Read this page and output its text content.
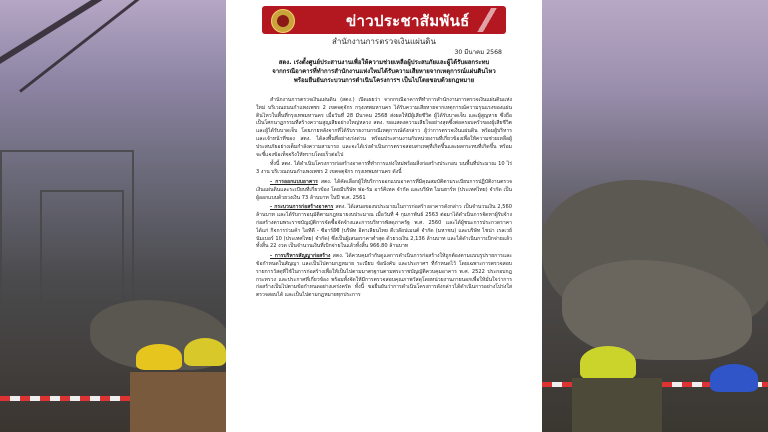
ข่าวประชาสัมพันธ์
สำนักงานการตรวจเงินแผ่นดิน
30 มีนาคม 2568
สตง. เร่งตั้งศูนย์ประสานงานเพื่อให้ความช่วยเหลือผู้ประสบภัยและผู้ได้รับผลกระทบ
จากกรณีอาคารที่ทำการสำนักงานแห่งใหม่ได้รับความเสียหายจากเหตุการณ์แผ่นดินไหว
พร้อมยืนยันกระบวนการดำเนินโครงการฯ เป็นไปโดยชอบด้วยกฎหมาย

สำนักงานการตรวจเงินแผ่นดิน (สตง.) เปิดเผยว่า จากกรณีอาคารที่ทำการสำนักงานการตรวจเงินแผ่นดินแห่งใหม่ บริเวณถนนกำแพงเพชร 2 เขตจตุจักร กรุงเทพมหานคร ได้รับความเสียหายจากเหตุการณ์ความรุนแรงของแผ่นดินไหวในพื้นที่กรุงเทพมหานคร เมื่อวันที่ 28 มีนาคม 2568 ส่งผลให้มีผู้เสียชีวิต ผู้ได้รับบาดเจ็บ และผู้สูญหาย ซึ่งถือเป็นโศกนาฏกรรมที่สร้างความสูญเสียอย่างใหญ่หลวง สตง. ขอแสดงความเสียใจอย่างสุดซึ้งต่อครอบครัวของผู้เสียชีวิตและผู้ได้รับบาดเจ็บ โดยภายหลังจากที่ได้รับรายงานกรณีเหตุการณ์ดังกล่าว ผู้ว่าการตรวจเงินแผ่นดิน พร้อมผู้บริหารและเจ้าหน้าที่ของ สตง. ได้ลงพื้นที่อย่างเร่งด่วน พร้อมประสานงานกับหน่วยงานที่เกี่ยวข้องเพื่อให้ความช่วยเหลือผู้ประสบภัยอย่างเต็มกำลังความสามารถ และจะได้เร่งดำเนินการตรวจสอบสาเหตุที่เกิดขึ้นและผลกระทบที่เกิดขึ้น พร้อมจะชี้แจงข้อเท็จจริงให้ทราบโดยเร็วต่อไป

ทั้งนี้ สตง. ได้ดำเนินโครงการก่อสร้างอาคารที่ทำการแห่งใหม่พร้อมสิ่งก่อสร้างประกอบ บนพื้นที่ประมาณ 10 ไร่ 3 งาน บริเวณถนนกำแพงเพชร 2 เขตจตุจักร กรุงเทพมหานคร ดังนี้

- การออกแบบอาคาร สตง. ได้คัดเลือกผู้ให้บริการออกแบบอาคารที่มีคุณสมบัติตามระเบียบการปฏิบัติงานตรวจเงินแผ่นดินและระเบียบที่เกี่ยวข้อง โดยมีบริษัท ฟอ-รัม อาร์คิเทค จำกัด และบริษัท ไมนฮาร์ท (ประเทศไทย) จำกัด เป็นผู้ออกแบบด้วยวงเงิน 73 ล้านบาท ในปี พ.ศ. 2561

- กระบวนการก่อสร้างอาคาร สตง. ได้เสนอของบประมาณในการก่อสร้างอาคารดังกล่าว เป็นจำนวนเงิน 2,560 ล้านบาท และได้รับการอนุมัติตามกฎหมายงบประมาณ เมื่อวันที่ 4 กุมภาพันธ์ 2563 ต่อมาได้ดำเนินการจัดหาผู้รับจ้างก่อสร้างตามพระราชบัญญัติการจัดซื้อจัดจ้างและการบริหารพัสดุภาครัฐ พ.ศ. 2560 และได้ผู้ชนะการประกวดราคา ได้แก่ กิจการร่วมค้า ไอทีดี - ซีอาร์อีซี (บริษัท อิตาเลียนไทย ดีเวล๊อปเมนต์ จำกัด (มหาชน) และบริษัท ไชน่า เรลเวย์ นัมเบอร์ 10 (ประเทศไทย) จำกัด) ซึ่งเป็นผู้เสนอราคาต่ำสุด ด้วยวงเงิน 2,136 ล้านบาท และได้ดำเนินการเบิกจ่ายแล้วทั้งสิ้น 22 งวด เป็นจำนวนเงินที่เบิกจ่ายในแล้วทั้งสิ้น 966.80 ล้านบาท

- การบริหารสัญญาก่อสร้าง สตง. ได้ควบคุมกำกับดูแลการดำเนินการก่อสร้างให้ถูกต้องตามแบบรูปรายการและข้อกำหนดในสัญญา และเป็นไปตามกฎหมาย ระเบียบ ข้อบังคับ และประกาศฯ ที่กำหนดไว้ โดยเฉพาะการตรวจสอบรายการวัสดุที่ใช้ในการก่อสร้างเพื่อให้เป็นไปตามมาตรฐานตามพระราชบัญญัติควบคุมอาคาร พ.ศ. 2522 ประกอบกฎกระทรวง และประกาศที่เกี่ยวข้อง พร้อมทั้งจัดให้มีการตรวจสอบคุณภาพวัสดุโดยหน่วยงานภายนอกเพื่อให้มั่นใจว่าการก่อสร้างเป็นไปตามข้อกำหนดอย่างเคร่งครัด ทั้งนี้ ขอยืนยันว่าการดำเนินโครงการดังกล่าวได้ดำเนินการอย่างโปร่งใส ตรวจสอบได้ และเป็นไปตามกฎหมายทุกประการ
